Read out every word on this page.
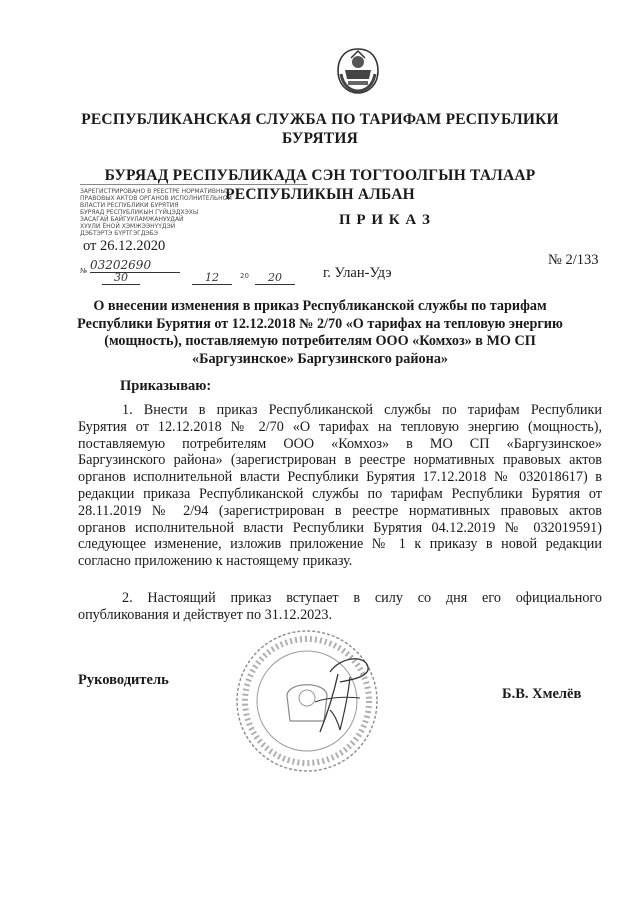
РЕСПУБЛИКАНСКАЯ СЛУЖБА ПО ТАРИФАМ РЕСПУБЛИКИ
БУРЯТИЯ
БУРЯАД РЕСПУБЛИКАДА СЭН ТОГТООЛГЫН ТАЛААР
РЕСПУБЛИКЫН АЛБАН
П Р И К А З
ЗАРЕГИСТРИРОВАНО В РЕЕСТРЕ НОРМАТИВНЫХ
ПРАВОВЫХ АКТОВ ОРГАНОВ ИСПОЛНИТЕЛЬНОЙ
ВЛАСТИ РЕСПУБЛИКИ БУРЯТИЯ
БУРЯАД РЕСПУБЛИКЫН ГҮЙЦЭДХЭХЫ
ЗАСАГАЙ БАЙГУУЛАМЖАНУУДАЙ
ХУУЛИ ЁНОЙ ХЭМЖЭЭНҮҮДЭЙ
ДЭБТЭРТЭ БҮРТГЭГДЭБЭ
от 26.12.2020
№ 2/133
№ 03202690
30	12	20	20	г. Улан-Удэ
О внесении изменения в приказ Республиканской службы по тарифам
Республики Бурятия от 12.12.2018 № 2/70 «О тарифах на тепловую энергию
(мощность), поставляемую потребителям ООО «Комхоз» в МО СП
«Баргузинское» Баргузинского района»
Приказываю:
1. Внести в приказ Республиканской службы по тарифам Республики
Бурятия от 12.12.2018 № 2/70 «О тарифах на тепловую энергию (мощность),
поставляемую потребителям ООО «Комхоз» в МО СП «Баргузинское»
Баргузинского района» (зарегистрирован в реестре нормативных правовых актов
органов исполнительной власти Республики Бурятия 17.12.2018 № 032018617) в
редакции приказа Республиканской службы по тарифам Республики Бурятия от
28.11.2019 № 2/94 (зарегистрирован в реестре нормативных правовых актов
органов исполнительной власти Республики Бурятия 04.12.2019 № 032019591)
следующее изменение, изложив приложение № 1 к приказу в новой редакции
согласно приложению к настоящему приказу.
2. Настоящий приказ вступает в силу со дня его официального
опубликования и действует по 31.12.2023.
Руководитель
Б.В. Хмелёв
